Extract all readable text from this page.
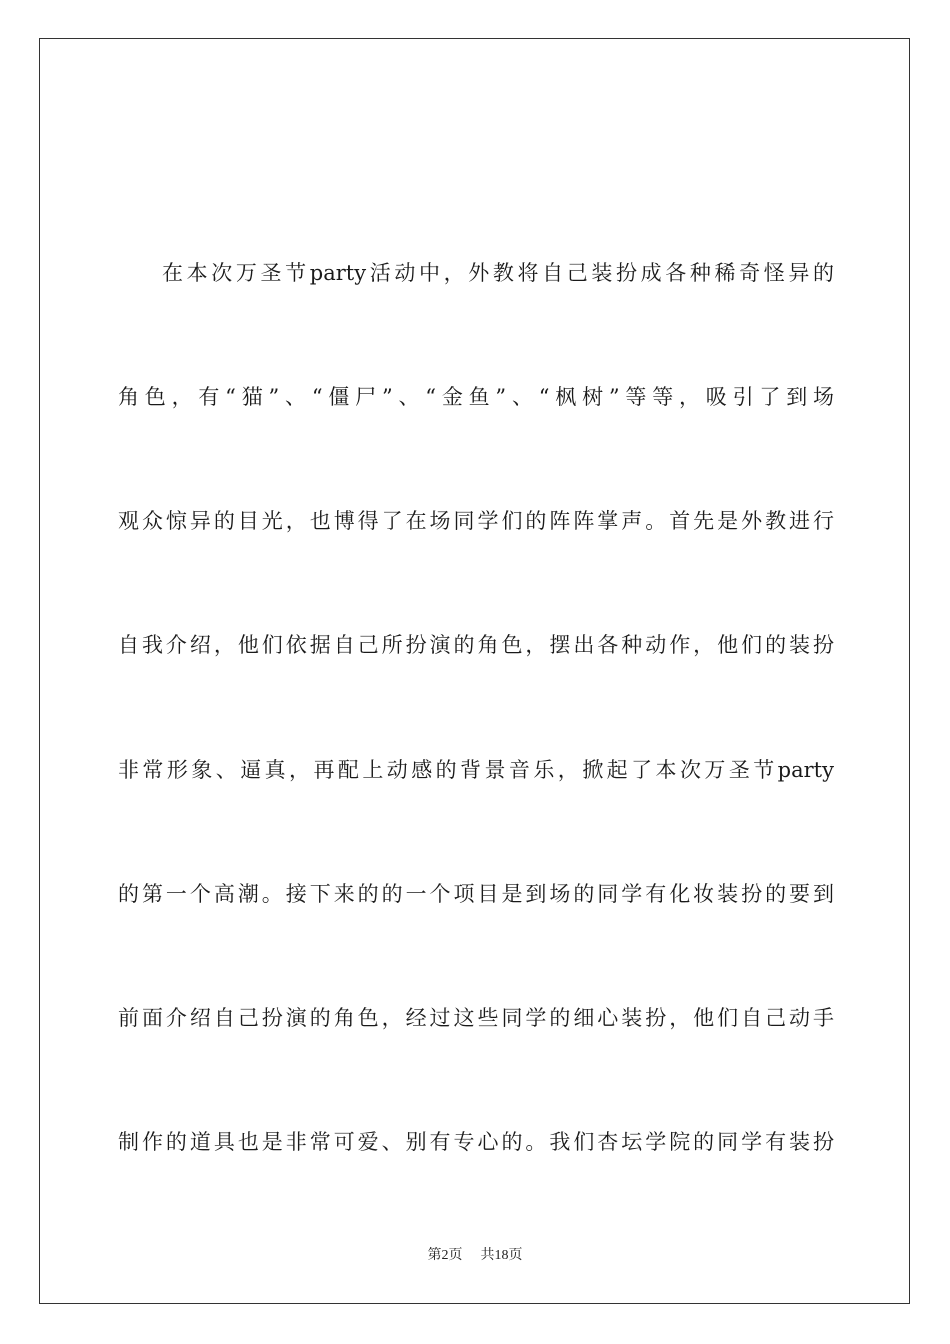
在本次万圣节party活动中，外教将自己装扮成各种稀奇怪异的
角色，有“猫”、“僵尸”、“金鱼”、“枫树”等等，吸引了到场
观众惊异的目光，也博得了在场同学们的阵阵掌声。首先是外教进行
自我介绍，他们依据自己所扮演的角色，摆出各种动作，他们的装扮
非常形象、逼真，再配上动感的背景音乐，掀起了本次万圣节party
的第一个高潮。接下来的的一个项目是到场的同学有化妆装扮的要到
前面介绍自己扮演的角色，经过这些同学的细心装扮，他们自己动手
制作的道具也是非常可爱、别有专心的。我们杏坛学院的同学有装扮
第2页 共18页
